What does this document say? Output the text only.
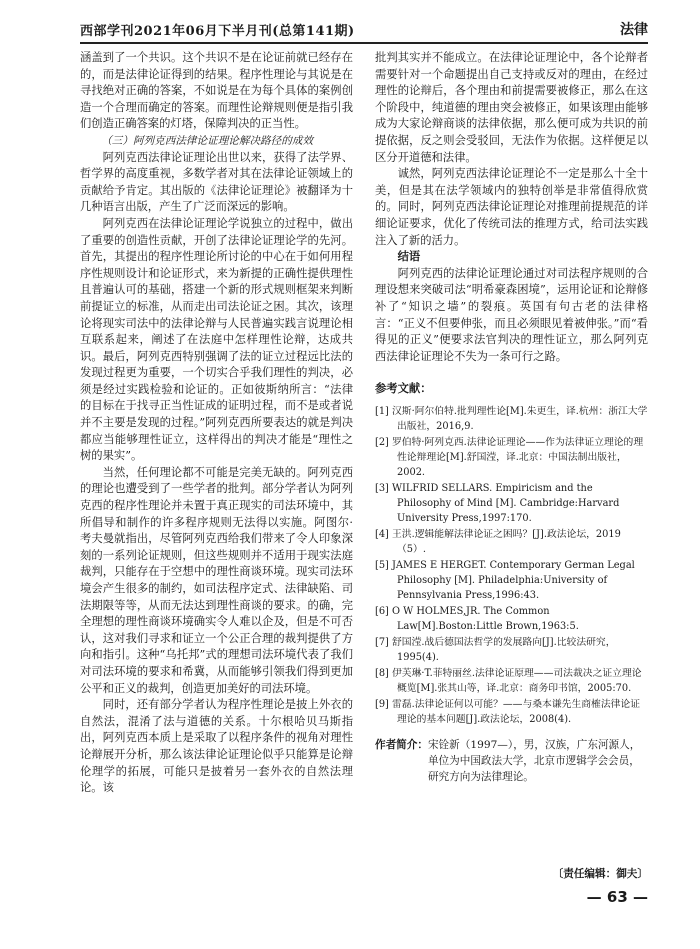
西部学刊2021年06月下半月刊(总第141期)	法律

涵盖到了一个共识。这个共识不是在论证前就已经存在的，而是法律论证得到的结果。程序性理论与其说是在寻找绝对正确的答案，不如说是在为每个具体的案例创造一个合理而确定的答案。而理性论辩规则便是指引我们创造正确答案的灯塔，保障判决的正当性。

（三）阿列克西法律论证理论解决路径的成效

阿列克西法律论证理论出世以来，获得了法学界、哲学界的高度重视，多数学者对其在法律论证领域上的贡献给予肯定。其出版的《法律论证理论》被翻译为十几种语言出版，产生了广泛而深远的影响。

阿列克西在法律论证理论学说独立的过程中，做出了重要的创造性贡献，开创了法律论证理论学的先河。首先，其提出的程序性理论所讨论的中心在于如何用程序性规则设计和论证形式，来为新提的正确性提供理性且普遍认可的基础，搭建一个新的形式规则框架来判断前提证立的标准，从而走出司法论证之困。其次，该理论将现实司法中的法律论辩与人民普遍实践言说理论相互联系起来，阐述了在法庭中怎样理性论辩，达成共识。最后，阿列克西特别强调了法的证立过程远比法的发现过程更为重要，一个切实合乎我们理性的判决，必须是经过实践检验和论证的。正如彼斯纳所言：“法律的目标在于找寻正当性证成的证明过程，而不是或者说并不主要是发现的过程。”阿列克西所要表达的就是判决都应当能够理性证立，这样得出的判决才能是“理性之树的果实”。

当然，任何理论都不可能是完美无缺的。阿列克西的理论也遭受到了一些学者的批判。部分学者认为阿列克西的程序性理论并未置于真正现实的司法环境中，其所倡导和制作的许多程序规则无法得以实施。阿图尔·考夫曼就指出，尽管阿列克西给我们带来了令人印象深刻的一系列论证规则，但这些规则并不适用于现实法庭裁判，只能存在于空想中的理性商谈环境。现实司法环境会产生很多的制约，如司法程序定式、法律缺陷、司法期限等等，从而无法达到理性商谈的要求。的确，完全理想的理性商谈环境确实令人难以企及，但是不可否认，这对我们寻求和证立一个公正合理的裁判提供了方向和指引。这种“乌托邦”式的理想司法环境代表了我们对司法环境的要求和希冀，从而能够引领我们得到更加公平和正义的裁判，创造更加美好的司法环境。

同时，还有部分学者认为程序性理论是披上外衣的自然法，混淆了法与道德的关系。十尔根哈贝马斯指出，阿列克西本质上是采取了以程序条件的视角对理性论辩展开分析，那么该法律论证理论似乎只能算是论辩伦理学的拓展，可能只是披着另一套外衣的自然法理论。该

批判其实并不能成立。在法律论证理论中，各个论辩者需要针对一个命题提出自己支持或反对的理由，在经过理性的论辩后，各个理由和前提需要被修正，那么在这个阶段中，纯道德的理由突会被修正，如果该理由能够成为大家论辩商谈的法律依据，那么便可成为共识的前提依据，反之则会受驳回，无法作为依据。这样便足以区分开道德和法律。

诚然，阿列克西法律论证理论不一定是那么十全十美，但是其在法学领域内的独特创举是非常值得欣赏的。同时，阿列克西法律论证理论对推理前提规范的详细论证要求，优化了传统司法的推理方式，给司法实践注入了新的活力。

结语

阿列克西的法律论证理论通过对司法程序规则的合理设想来突破司法“明希豪森困境”，运用论证和论辩修补了“知识之墙”的裂痕。英国有句古老的法律格言：“正义不但要伸张，而且必须眼见着被伸张。”而“看得见的正义”便要求法官判决的理性证立，那么阿列克西法律论证理论不失为一条可行之路。

参考文献：
[1] 汉斯·阿尔伯特.批判理性论[M].朱更生，译.杭州：浙江大学出版社，2016,9.
[2] 罗伯特·阿列克西.法律论证理论——作为法律证立理论的理性论辩理论[M].舒国滢，译.北京：中国法制出版社，2002.
[3] WILFRID SELLARS. Empiricism and the Philosophy of Mind [M]. Cambridge:Harvard University Press,1997:170.
[4] 王洪.逻辑能解法律论证之困吗？[J].政法论坛，2019（5）.
[5] JAMES E HERGET. Contemporary German Legal Philosophy [M]. Philadelphia:University of Pennsylvania Press,1996:43.
[6] O W HOLMES,JR. The Common Law[M].Boston:Little Brown,1963:5.
[7] 舒国滢.战后德国法哲学的发展路向[J].比较法研究，1995(4).
[8] 伊芙琳·T.菲特丽丝.法律论证原理——司法裁决之证立理论概览[M].张其山等，译.北京：商务印书馆，2005:70.
[9] 雷磊.法律论证何以可能？——与桑本谦先生商榷法律论证理论的基本问题[J].政法论坛，2008(4).
作者简介： 宋铨新（1997—），男，汉族，广东河源人，单位为中国政法大学，北京市逻辑学会会员，研究方向为法律理论。
〔责任编辑：御夫〕
— 63 —
